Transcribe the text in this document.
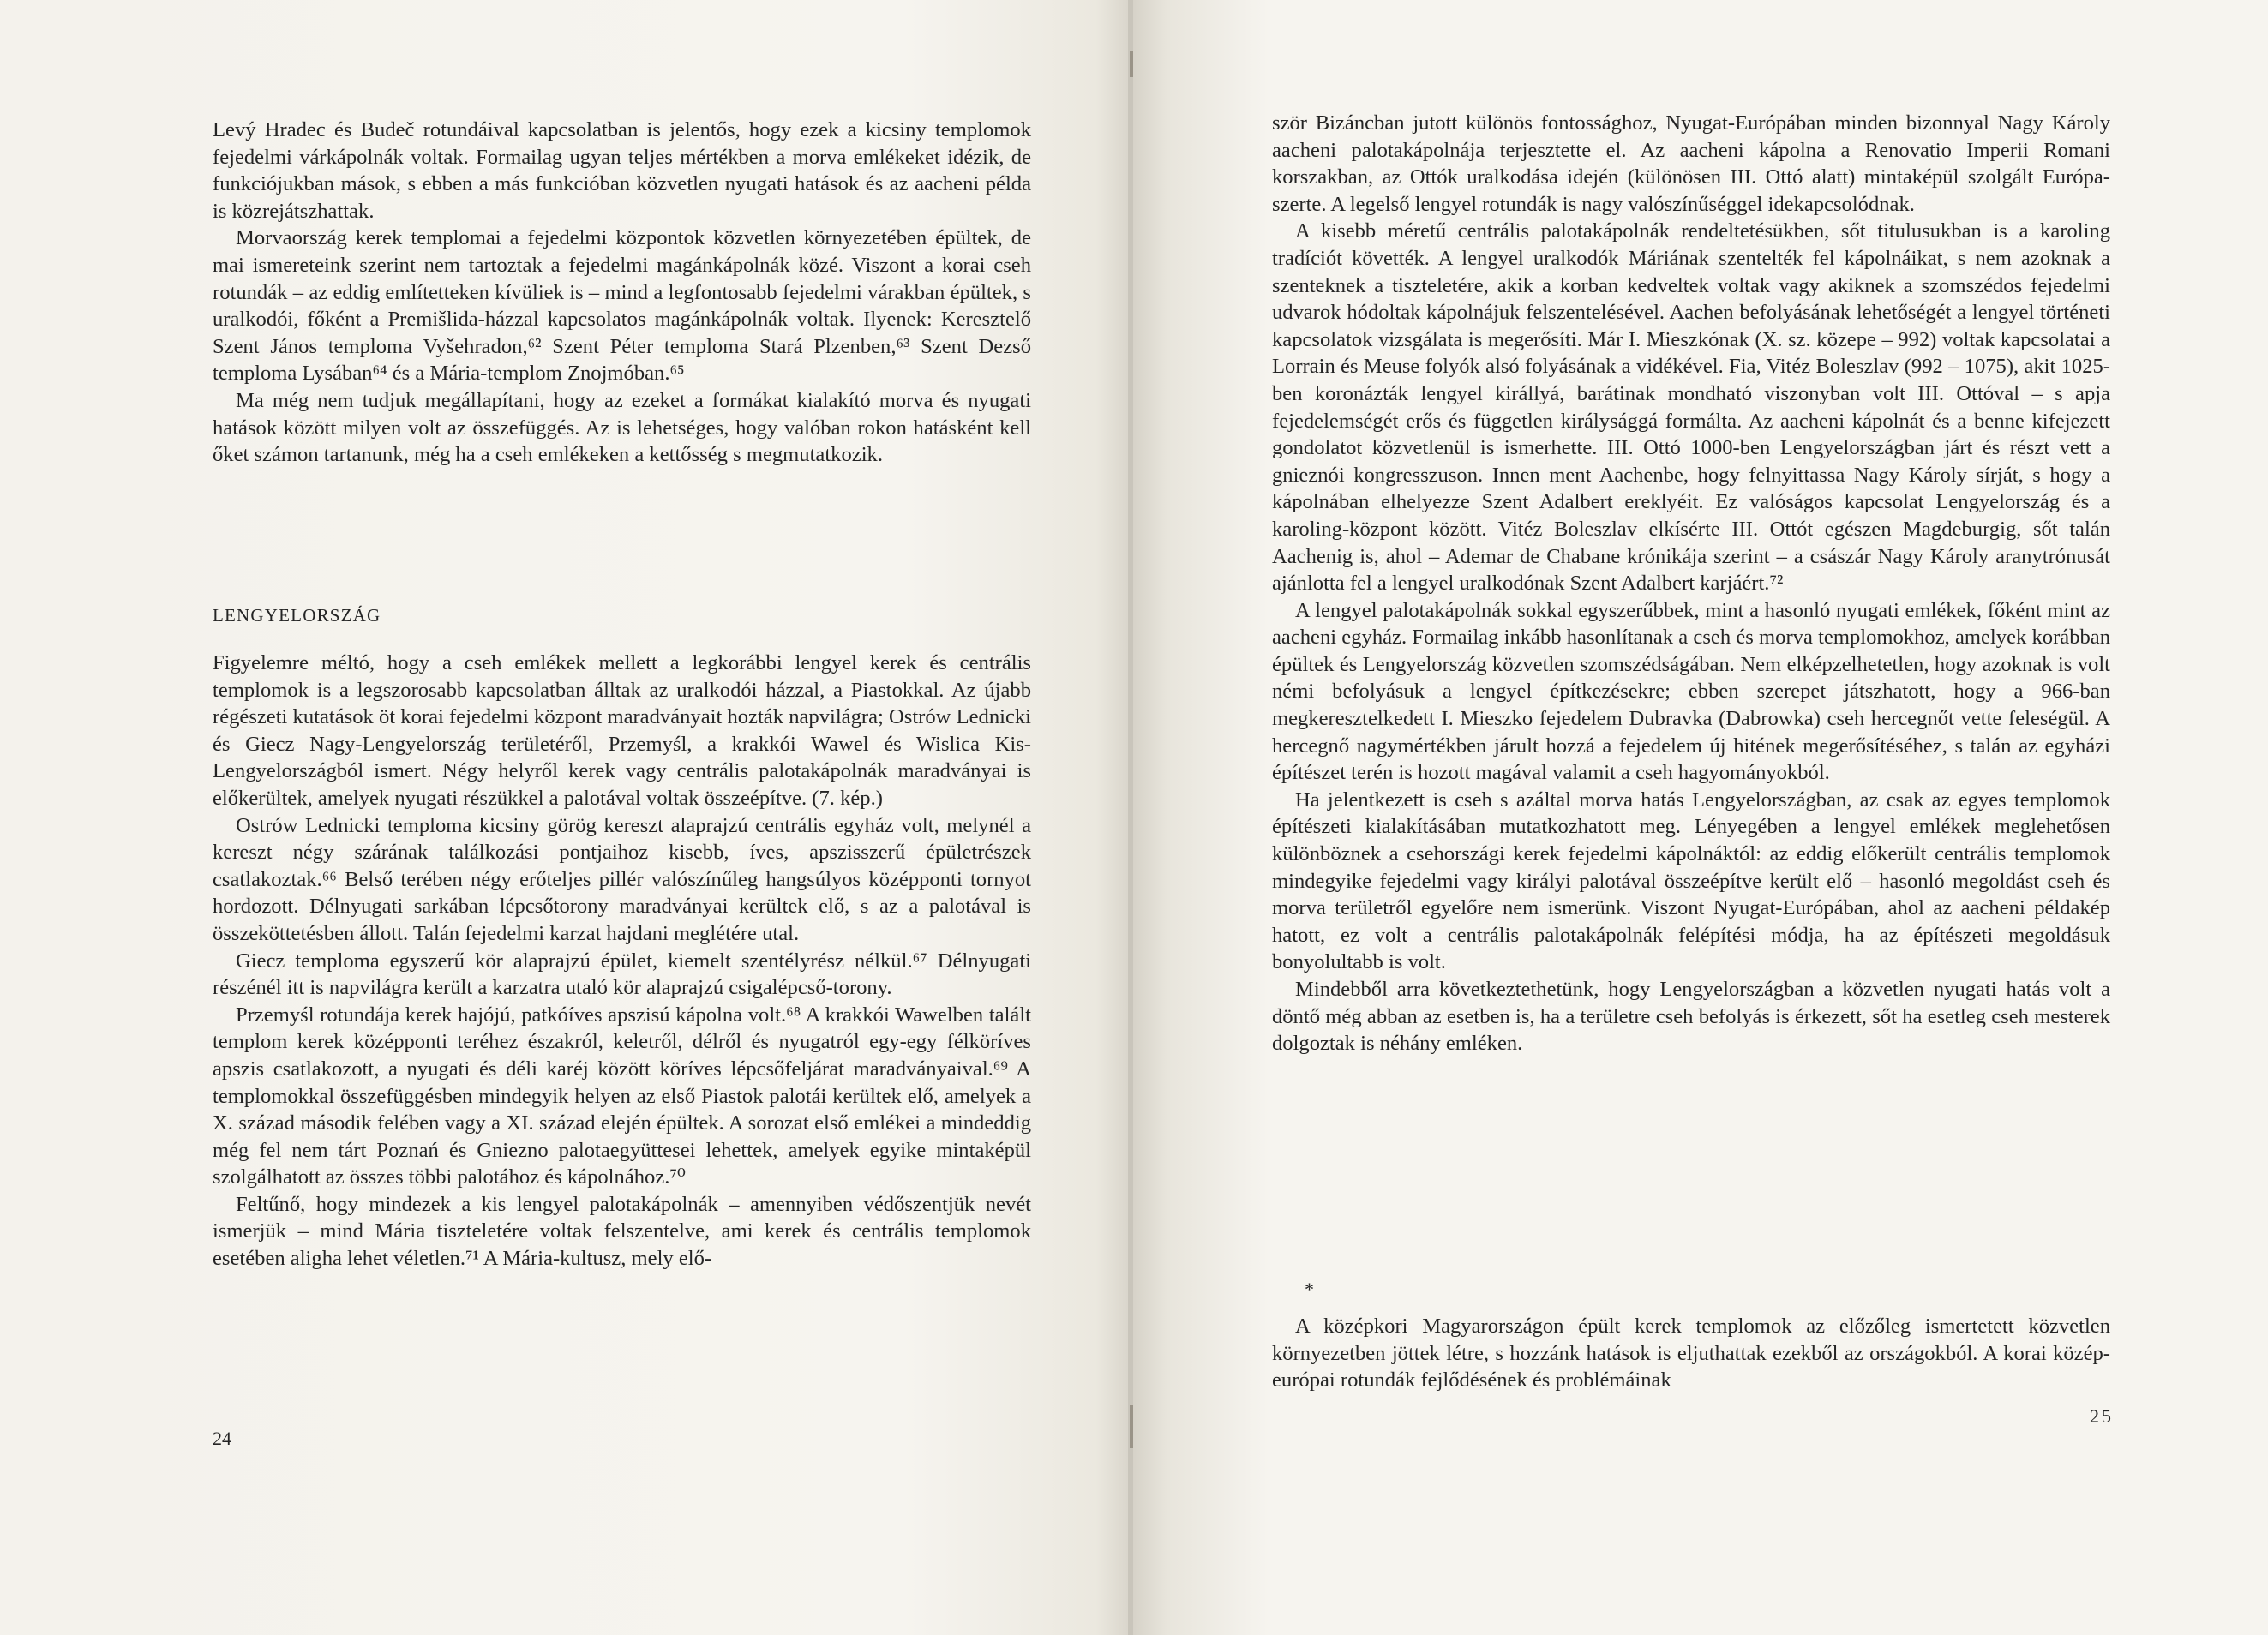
Levý Hradec és Budeč rotundáival kapcsolatban is jelentős, hogy ezek a kicsiny templomok fejedelmi várkápolnák voltak. Formailag ugyan teljes mértékben a morva emlékeket idézik, de funkciójukban mások, s ebben a más funkcióban közvetlen nyugati hatások és az aacheni példa is közrejátszhattak.

Morvaország kerek templomai a fejedelmi központok közvetlen környezetében épültek, de mai ismereteink szerint nem tartoztak a fejedelmi magánkápolnák közé. Viszont a korai cseh rotundák – az eddig említetteken kívüliek is – mind a legfontosabb fejedelmi várakban épültek, s uralkodói, főként a Premišlida-házzal kapcsolatos magánkápolnák voltak. Ilyenek: Keresztelő Szent János temploma Vyšehradon,⁶² Szent Péter temploma Stará Plzenben,⁶³ Szent Dezső temploma Lysában⁶⁴ és a Mária-templom Znojmóban.⁶⁵

Ma még nem tudjuk megállapítani, hogy az ezeket a formákat kialakító morva és nyugati hatások között milyen volt az összefüggés. Az is lehetséges, hogy valóban rokon hatásként kell őket számon tartanunk, még ha a cseh emlékeken a kettősség s megmutatkozik.

LENGYELORSZÁG

Figyelemre méltó, hogy a cseh emlékek mellett a legkorábbi lengyel kerek és centrális templomok is a legszorosabb kapcsolatban álltak az uralkodói házzal, a Piastokkal. Az újabb régészeti kutatások öt korai fejedelmi központ maradványait hozták napvilágra; Ostrów Lednicki és Giecz Nagy-Lengyelország területéről, Przemyśl, a krakkói Wawel és Wislica Kis-Lengyelországból ismert. Négy helyről kerek vagy centrális palotakápolnák maradványai is előkerültek, amelyek nyugati részükkel a palotával voltak összeépítve. (7. kép.)

Ostrów Lednicki temploma kicsiny görög kereszt alaprajzú centrális egyház volt, melynél a kereszt négy szárának találkozási pontjaihoz kisebb, íves, apszisszerű épületrészek csatlakoztak.⁶⁶ Belső terében négy erőteljes pillér valószínűleg hangsúlyos középponti tornyot hordozott. Délnyugati sarkában lépcsőtorony maradványai kerültek elő, s az a palotával is összeköttetésben állott. Talán fejedelmi karzat hajdani meglétére utal.

Giecz temploma egyszerű kör alaprajzú épület, kiemelt szentélyrész nélkül.⁶⁷ Délnyugati részénél itt is napvilágra került a karzatra utaló kör alaprajzú csigalépcső-torony.

Przemyśl rotundája kerek hajójú, patkóíves apszisú kápolna volt.⁶⁸ A krakkói Wawelben talált templom kerek középponti teréhez északról, keletről, délről és nyugatról egy-egy félköríves apszis csatlakozott, a nyugati és déli karéj között köríves lépcsőfeljárat maradványaival.⁶⁹ A templomokkal összefüggésben mindegyik helyen az első Piastok palotái kerültek elő, amelyek a X. század második felében vagy a XI. század elején épültek. A sorozat első emlékei a mindeddig még fel nem tárt Poznań és Gniezno palotaegyüttesei lehettek, amelyek egyike mintaképül szolgálhatott az összes többi palotához és kápolnához.⁷⁰

Feltűnő, hogy mindezek a kis lengyel palotakápolnák – amennyiben védőszentjük nevét ismerjük – mind Mária tiszteletére voltak felszentelve, ami kerek és centrális templomok esetében aligha lehet véletlen.⁷¹ A Mária-kultusz, mely elő-

24

ször Bizáncban jutott különös fontossághoz, Nyugat-Európában minden bizonnyal Nagy Károly aacheni palotakápolnája terjesztette el. Az aacheni kápolna a Renovatio Imperii Romani korszakban, az Ottók uralkodása idején (különösen III. Ottó alatt) mintaképül szolgált Európa-szerte. A legelső lengyel rotundák is nagy valószínűséggel idekapcsolódnak.

A kisebb méretű centrális palotakápolnák rendeltetésükben, sőt titulusukban is a karoling tradíciót követték. A lengyel uralkodók Máriának szentelték fel kápolnáikat, s nem azoknak a szenteknek a tiszteletére, akik a korban kedveltek voltak vagy akiknek a szomszédos fejedelmi udvarok hódoltak kápolnájuk felszentelésével. Aachen befolyásának lehetőségét a lengyel történeti kapcsolatok vizsgálata is megerősíti. Már I. Mieszkónak (X. sz. közepe – 992) voltak kapcsolatai a Lorrain és Meuse folyók alsó folyásának a vidékével. Fia, Vitéz Boleszlav (992 – 1075), akit 1025-ben koronázták lengyel királlyá, barátinak mondható viszonyban volt III. Ottóval – s apja fejedelemségét erős és független királysággá formálta. Az aacheni kápolnát és a benne kifejezett gondolatot közvetlenül is ismerhette. III. Ottó 1000-ben Lengyelországban járt és részt vett a gnieznói kongresszuson. Innen ment Aachenbe, hogy felnyittassa Nagy Károly sírját, s hogy a kápolnában elhelyezze Szent Adalbert ereklyéit. Ez valóságos kapcsolat Lengyelország és a karoling-központ között. Vitéz Boleszlav elkísérte III. Ottót egészen Magdeburgig, sőt talán Aachenig is, ahol – Ademar de Chabane krónikája szerint – a császár Nagy Károly aranytrónusát ajánlotta fel a lengyel uralkodónak Szent Adalbert karjáért.⁷²

A lengyel palotakápolnák sokkal egyszerűbbek, mint a hasonló nyugati emlékek, főként mint az aacheni egyház. Formailag inkább hasonlítanak a cseh és morva templomokhoz, amelyek korábban épültek és Lengyelország közvetlen szomszédságában. Nem elképzelhetetlen, hogy azoknak is volt némi befolyásuk a lengyel építkezésekre; ebben szerepet játszhatott, hogy a 966-ban megkeresztelkedett I. Mieszko fejedelem Dubravka (Dabrowka) cseh hercegnőt vette feleségül. A hercegnő nagymértékben járult hozzá a fejedelem új hitének megerősítéséhez, s talán az egyházi építészet terén is hozott magával valamit a cseh hagyományokból.

Ha jelentkezett is cseh s azáltal morva hatás Lengyelországban, az csak az egyes templomok építészeti kialakításában mutatkozhatott meg. Lényegében a lengyel emlékek meglehetősen különböznek a csehországi kerek fejedelmi kápolnáktól: az eddig előkerült centrális templomok mindegyike fejedelmi vagy királyi palotával összeépítve került elő – hasonló megoldást cseh és morva területről egyelőre nem ismerünk. Viszont Nyugat-Európában, ahol az aacheni példakép hatott, ez volt a centrális palotakápolnák felépítési módja, ha az építészeti megoldásuk bonyolultabb is volt.

Mindebből arra következtethetünk, hogy Lengyelországban a közvetlen nyugati hatás volt a döntő még abban az esetben is, ha a területre cseh befolyás is érkezett, sőt ha esetleg cseh mesterek dolgoztak is néhány emléken.

*

A középkori Magyarországon épült kerek templomok az előzőleg ismertetett közvetlen környezetben jöttek létre, s hozzánk hatások is eljuthattak ezekből az országokból. A korai közép-európai rotundák fejlődésének és problémáinak

25
